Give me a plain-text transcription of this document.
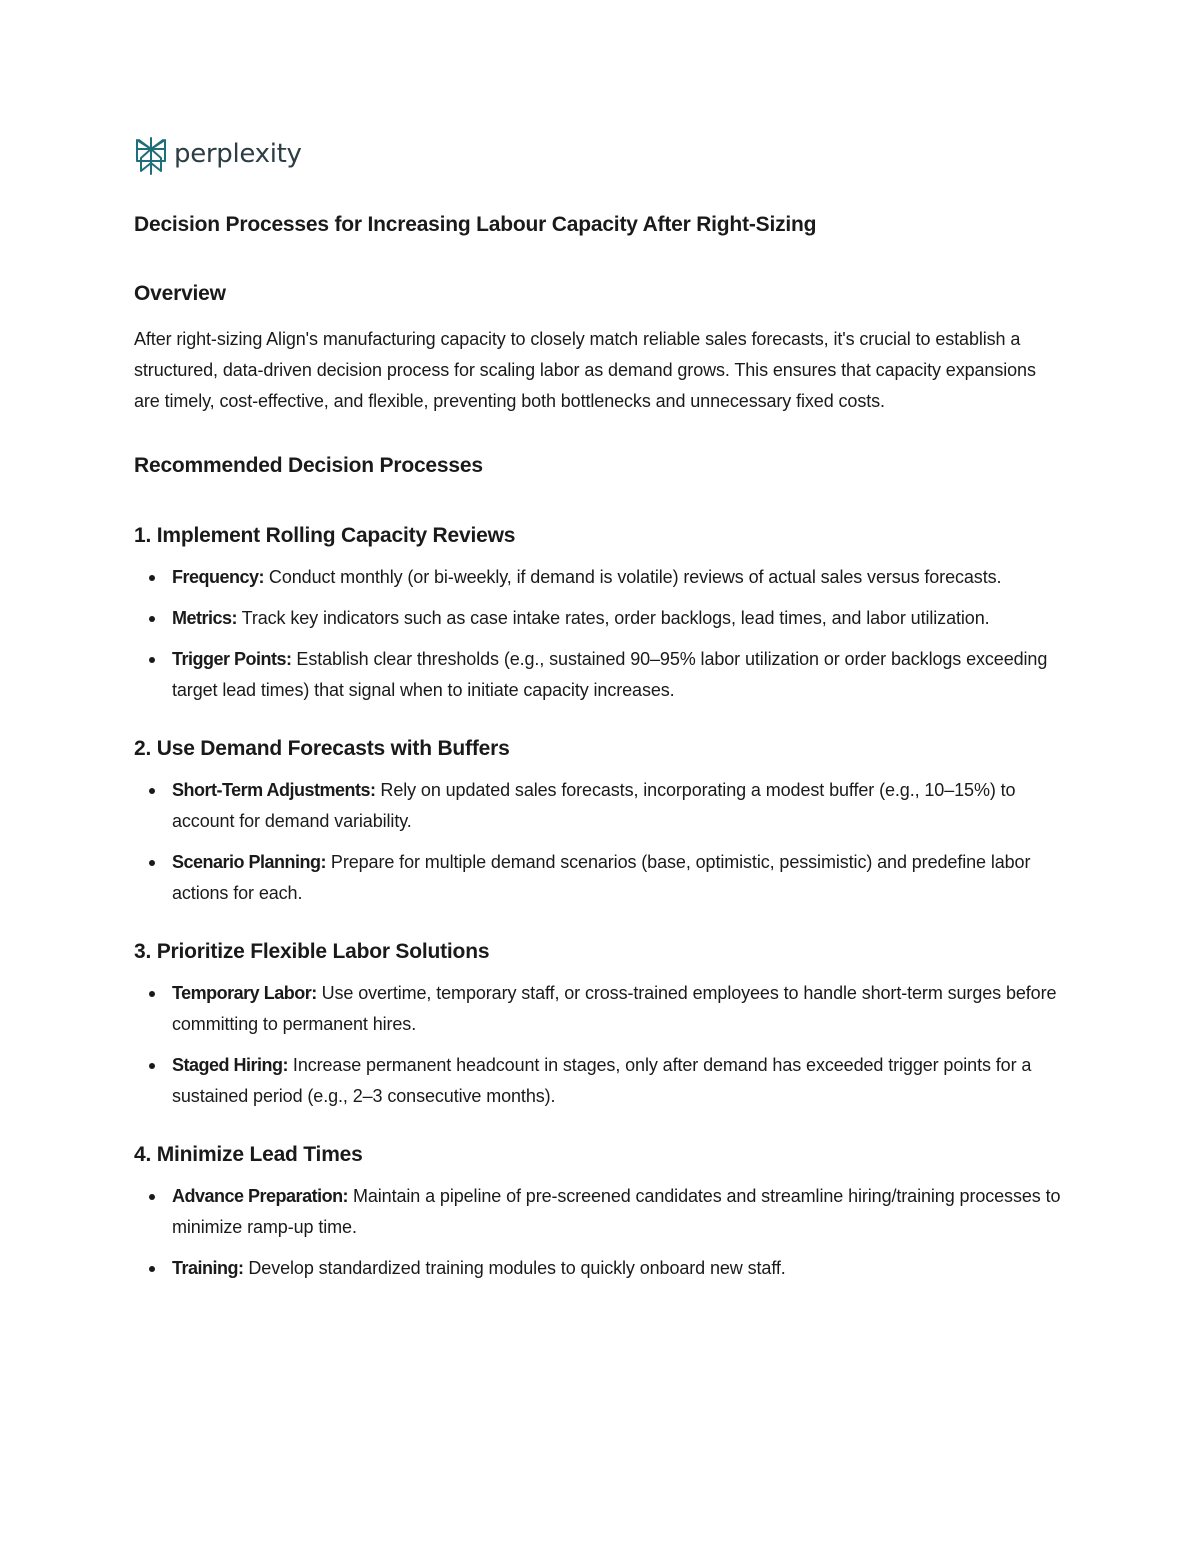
perplexity
Decision Processes for Increasing Labour Capacity After Right-Sizing
Overview

After right-sizing Align's manufacturing capacity to closely match reliable sales forecasts, it's crucial to establish a structured, data-driven decision process for scaling labor as demand grows. This ensures that capacity expansions are timely, cost-effective, and flexible, preventing both bottlenecks and unnecessary fixed costs.

Recommended Decision Processes
1. Implement Rolling Capacity Reviews
Frequency: Conduct monthly (or bi-weekly, if demand is volatile) reviews of actual sales versus forecasts.
Metrics: Track key indicators such as case intake rates, order backlogs, lead times, and labor utilization.
Trigger Points: Establish clear thresholds (e.g., sustained 90–95% labor utilization or order backlogs exceeding target lead times) that signal when to initiate capacity increases.
2. Use Demand Forecasts with Buffers
Short-Term Adjustments: Rely on updated sales forecasts, incorporating a modest buffer (e.g., 10–15%) to account for demand variability.
Scenario Planning: Prepare for multiple demand scenarios (base, optimistic, pessimistic) and predefine labor actions for each.
3. Prioritize Flexible Labor Solutions
Temporary Labor: Use overtime, temporary staff, or cross-trained employees to handle short-term surges before committing to permanent hires.
Staged Hiring: Increase permanent headcount in stages, only after demand has exceeded trigger points for a sustained period (e.g., 2–3 consecutive months).
4. Minimize Lead Times
Advance Preparation: Maintain a pipeline of pre-screened candidates and streamline hiring/training processes to minimize ramp-up time.
Training: Develop standardized training modules to quickly onboard new staff.
